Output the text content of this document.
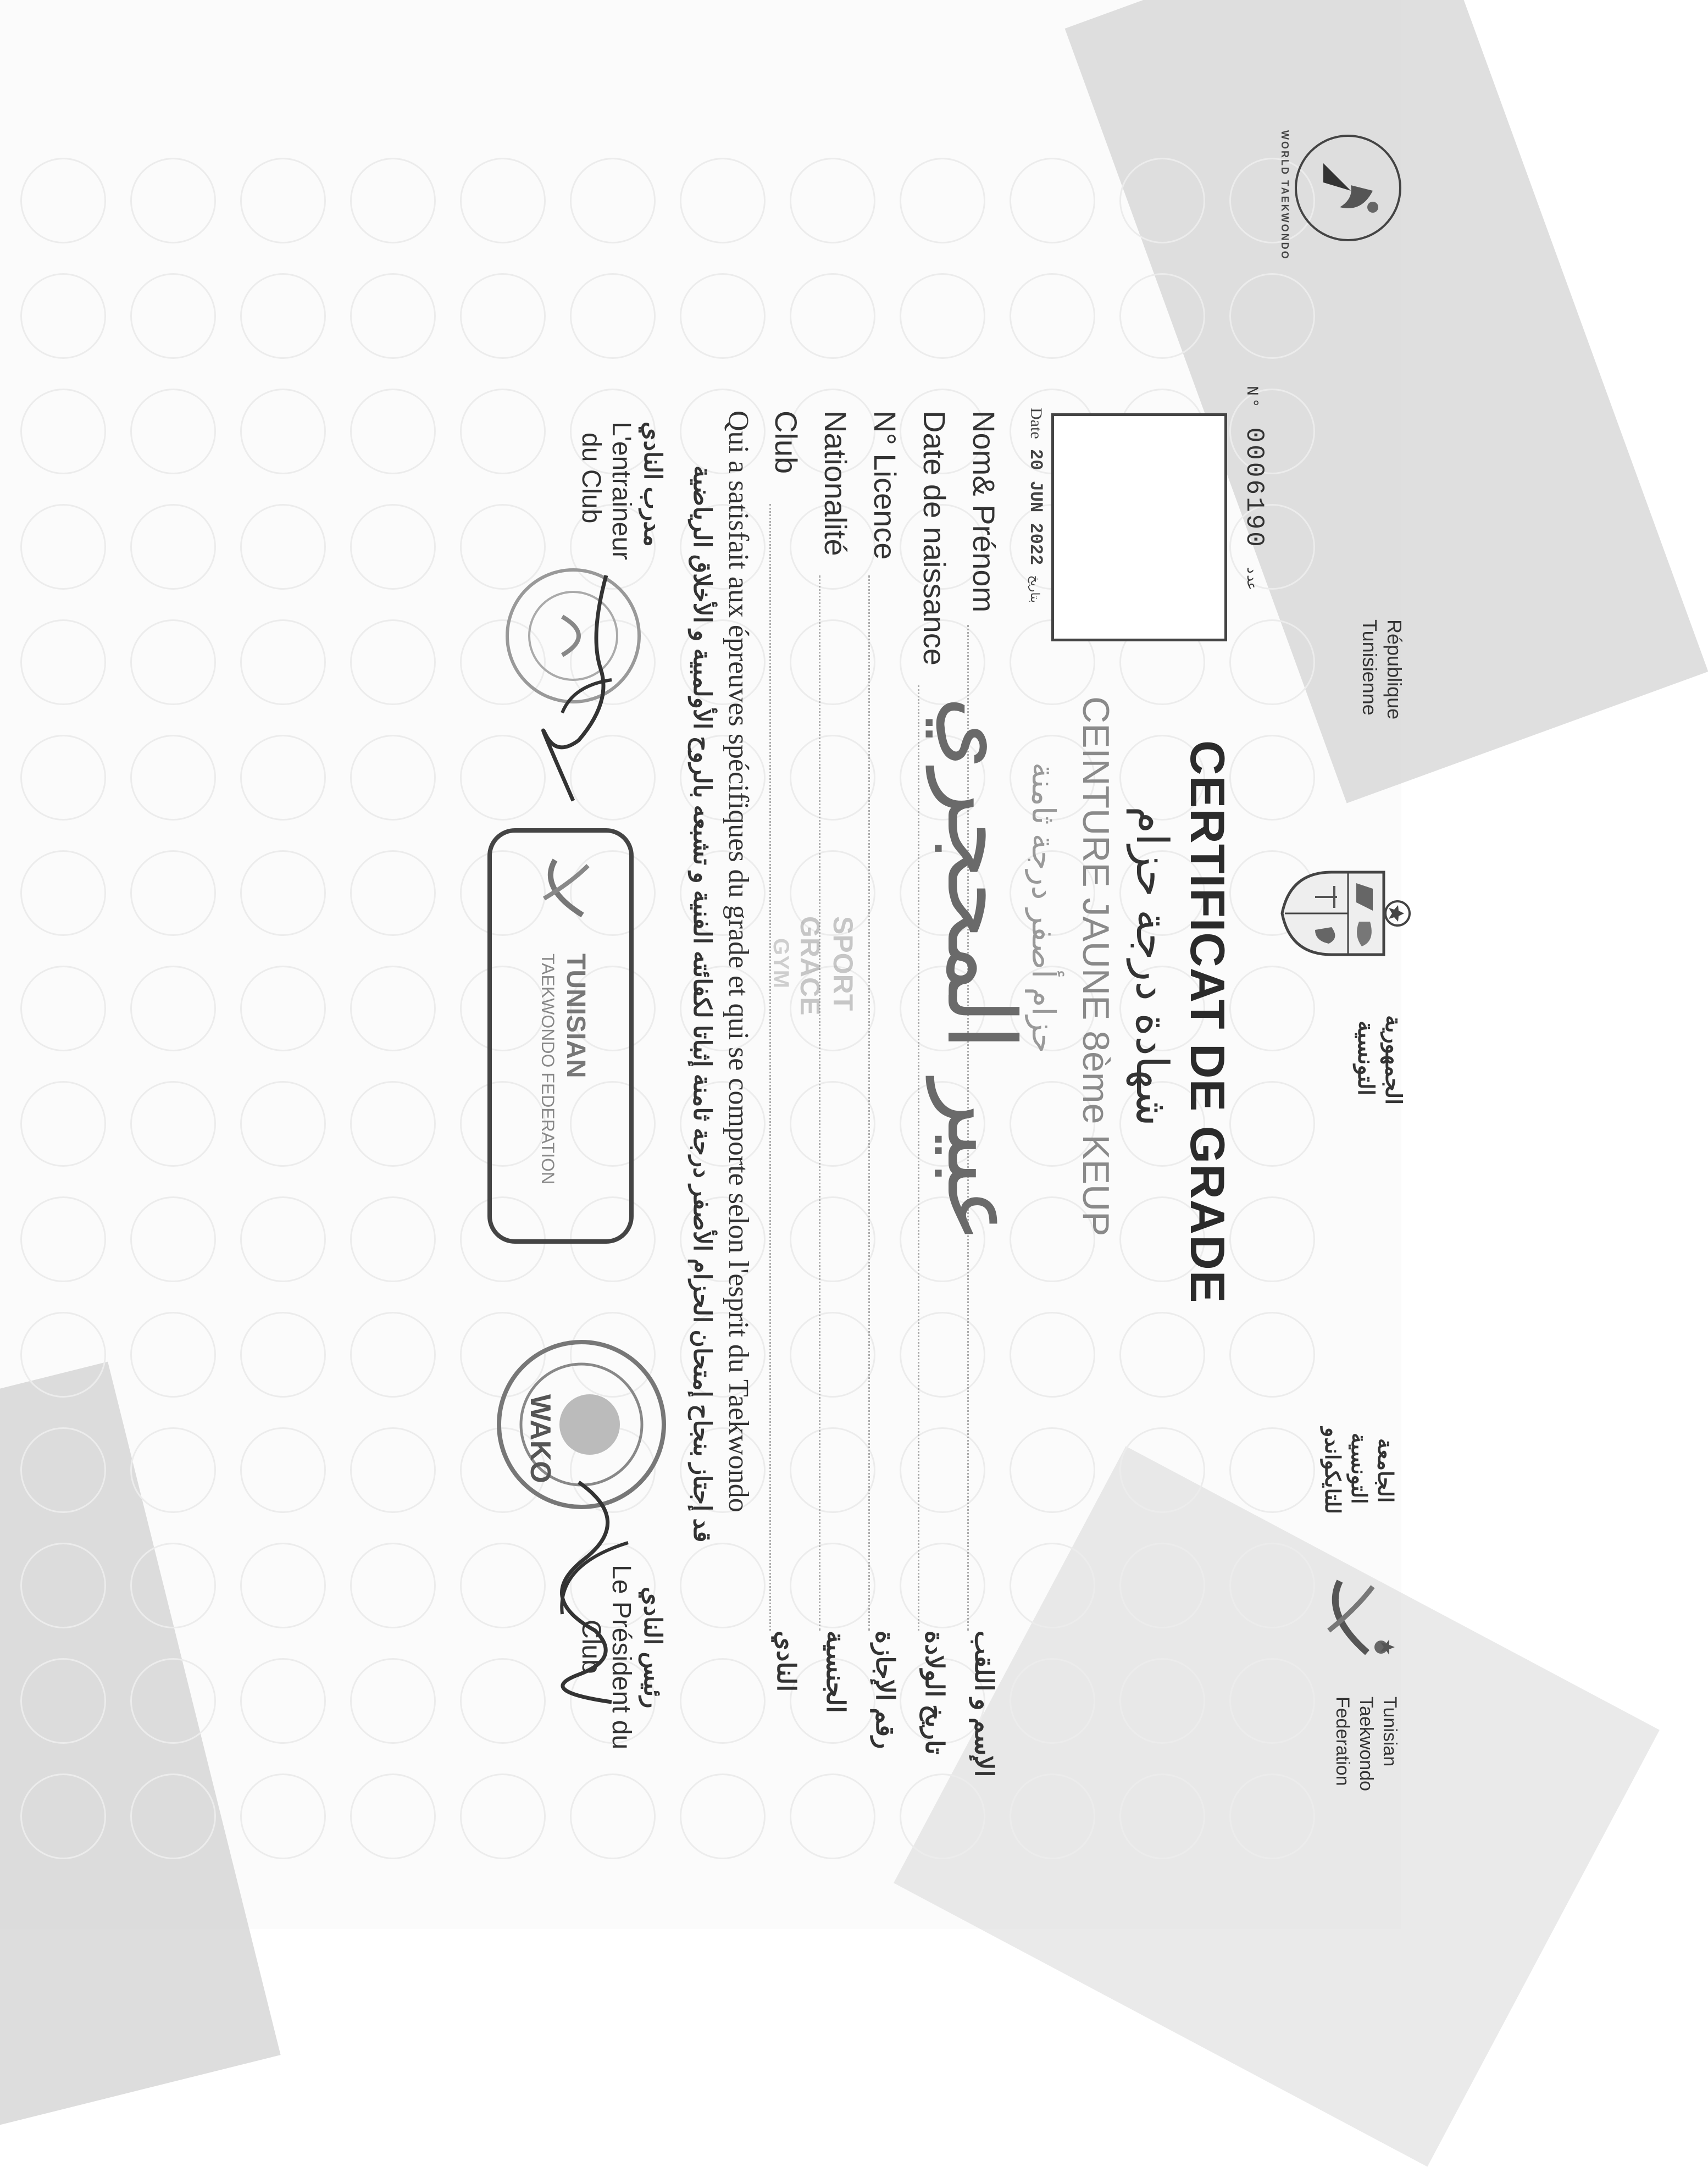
WORLD TAEKWONDO
République
Tunisienne
الجمهورية
التونسية
الجامعة
التونسية
للتايكواندو
Tunisian
Taekwondo
Federation
N° 0006190 عدد
Date 20 JUN 2022 بتاريخ
CERTIFICAT DE GRADE
شهادة درجة حزام
CEINTURE JAUNE 8ème KEUP
حزام أصفر درجة ثامنة
Nom& Prénom
عبير المحجري
الإسم و اللقب
Date de naissance
تاريخ الولادة
N° Licence
رقم الإجازة
Nationalité
الجنسية
Club
النادي
Qui a satisfait aux épreuves spécifiques du grade et qui se comporte selon l'esprit du Taekwondo
قد إجتاز بنجاح إمتحان الحزام الأصفر درجة ثامنة إثباتا لكفائته الفنية و تشبعه بالروح الأولمبية و الأخلاق الرياضية
مدرب النادي
L'entraineur
du Club
TUNISIAN
TAEKWONDO FEDERATION	SPORT
GRACE
GYM
WAKO
رئيس النادي
Le Président du
Club
